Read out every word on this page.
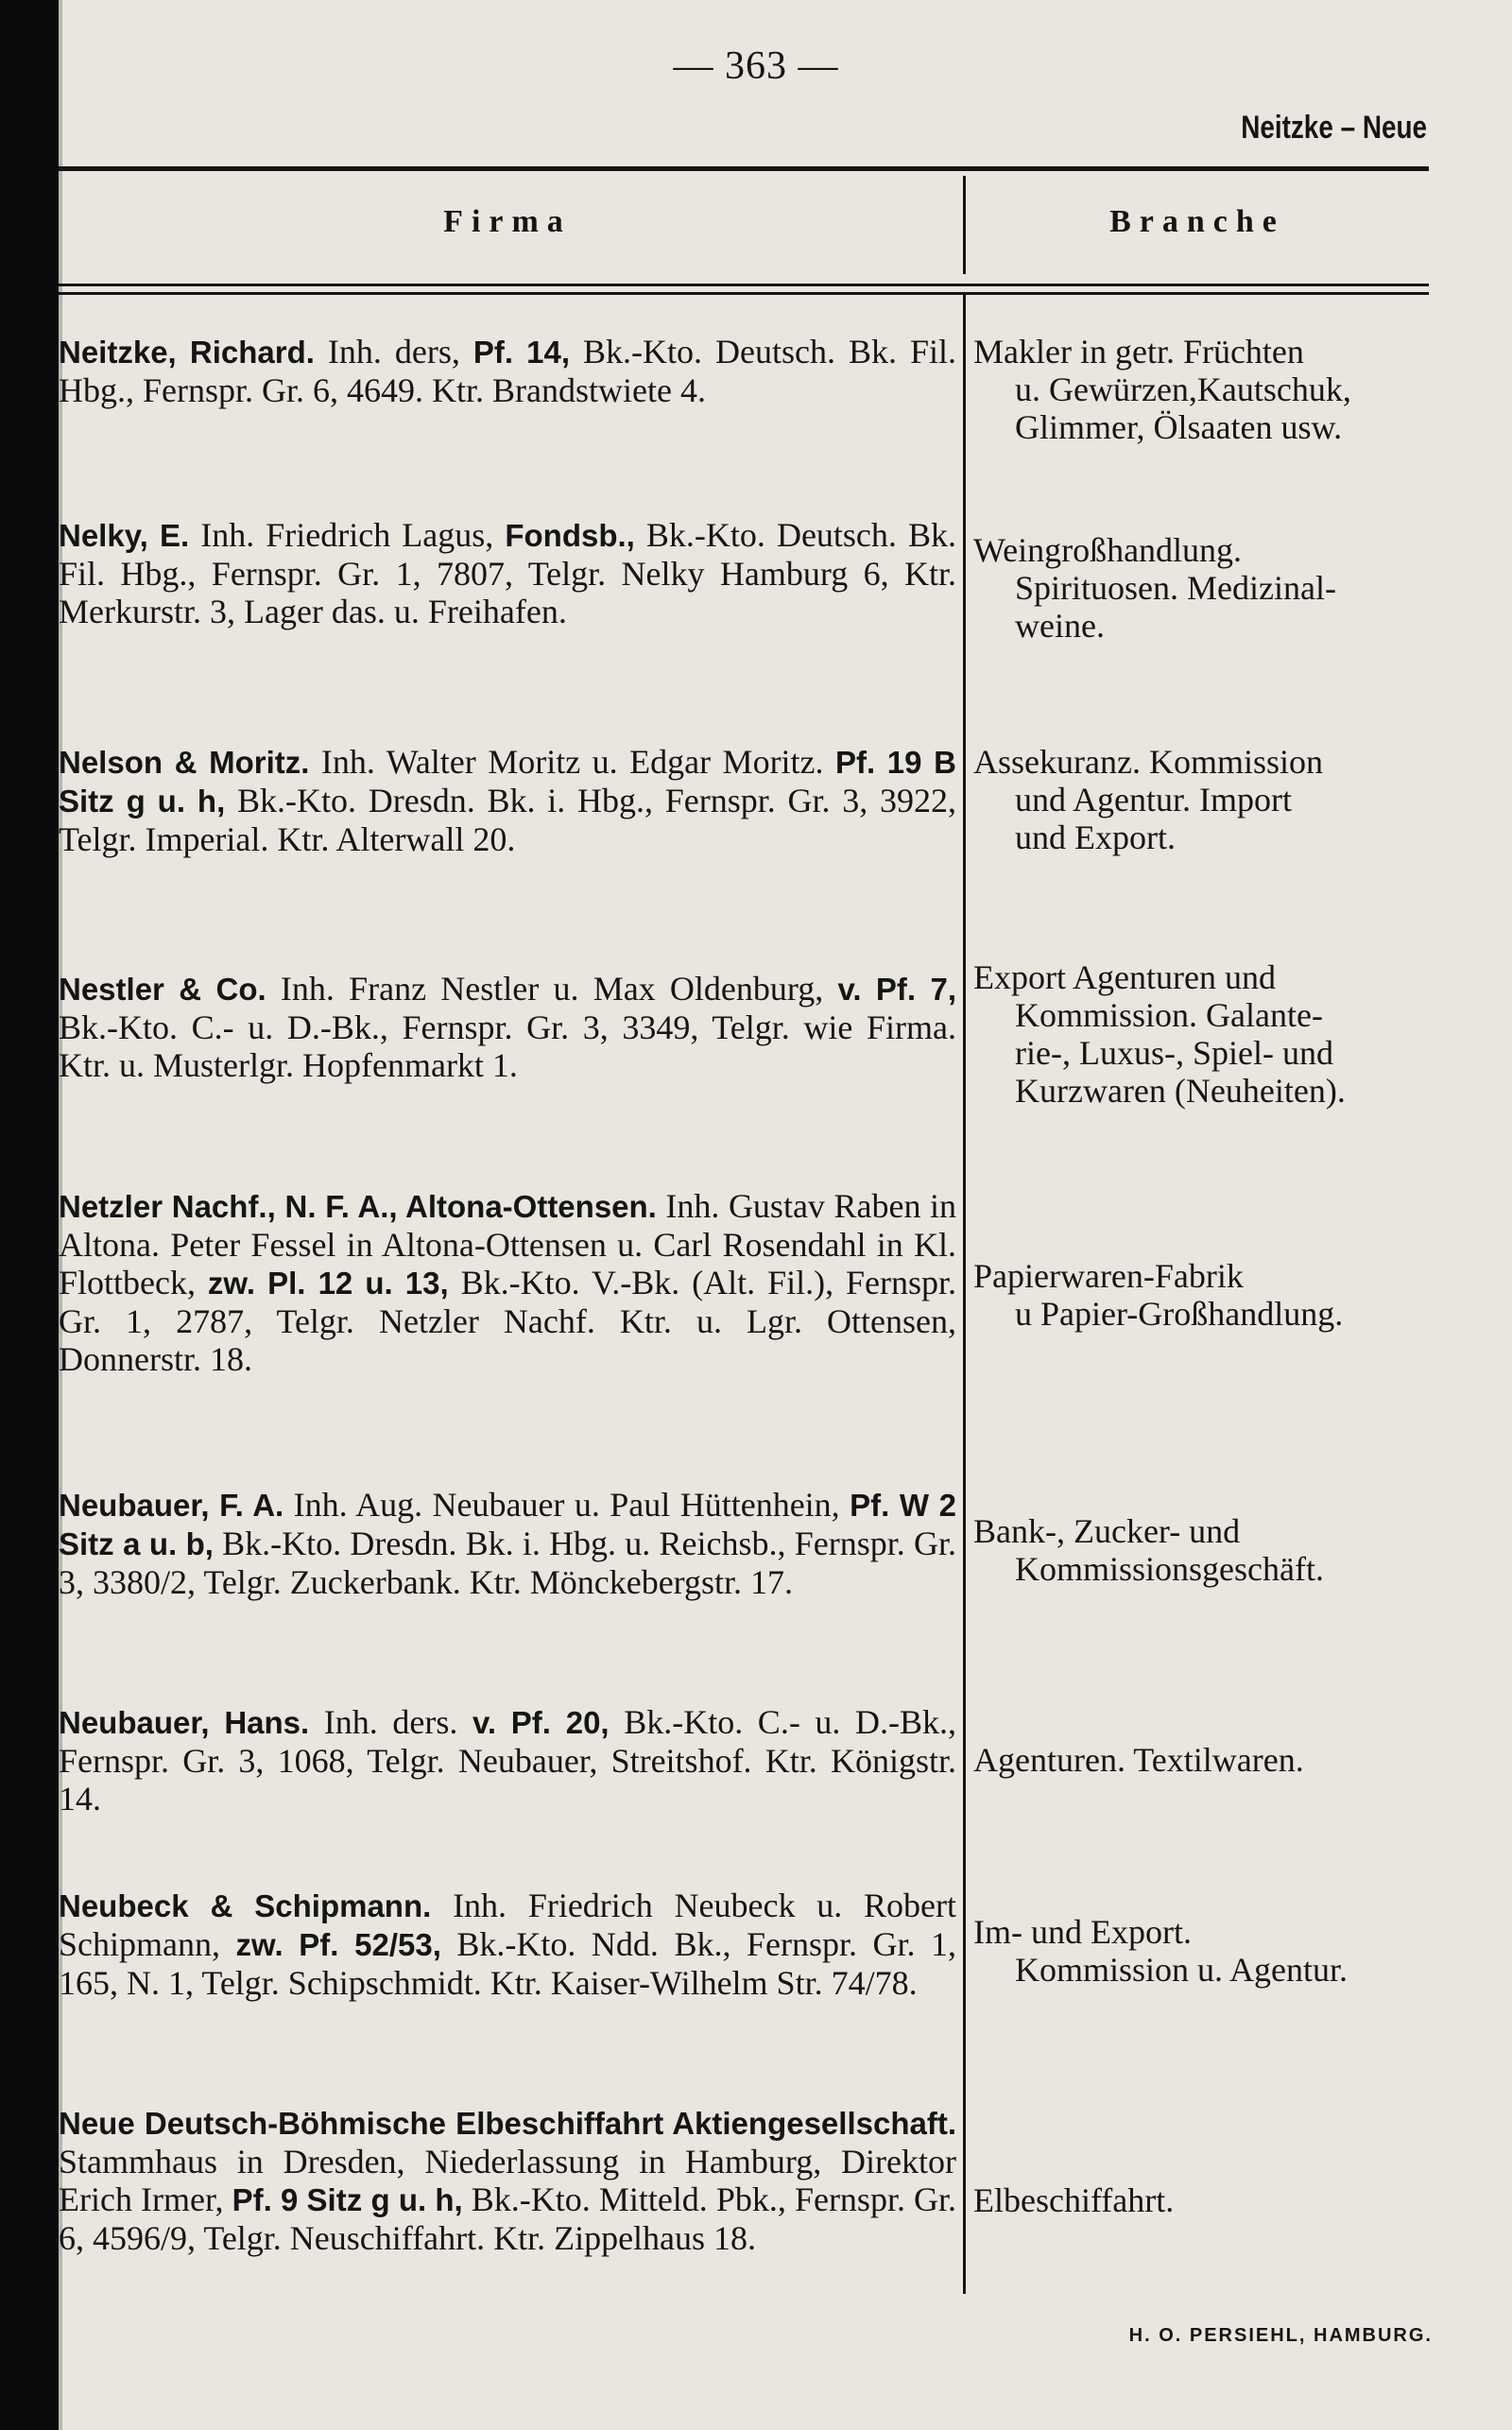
— 363 —
Neitzke – Neue
Firma	Branche

Neitzke, Richard. Inh. ders, Pf. 14, Bk.-Kto. Deutsch. Bk. Fil. Hbg., Fernspr. Gr. 6, 4649. Ktr. Brandstwiete 4.

Makler in getr. Früchten
u. Gewürzen,Kautschuk,
Glimmer, Ölsaaten usw.

Nelky, E. Inh. Friedrich Lagus, Fondsb., Bk.-Kto. Deutsch. Bk. Fil. Hbg., Fernspr. Gr. 1, 7807, Telgr. Nelky Hamburg 6, Ktr. Merkurstr. 3, Lager das. u. Freihafen.

Weingroßhandlung.
Spirituosen. Medizinal-
weine.

Nelson & Moritz. Inh. Walter Moritz u. Edgar Moritz. Pf. 19 B Sitz g u. h, Bk.-Kto. Dresdn. Bk. i. Hbg., Fernspr. Gr. 3, 3922, Telgr. Imperial. Ktr. Alterwall 20.

Assekuranz. Kommission
und Agentur. Import
und Export.

Nestler & Co. Inh. Franz Nestler u. Max Oldenburg, v. Pf. 7, Bk.-Kto. C.- u. D.-Bk., Fernspr. Gr. 3, 3349, Telgr. wie Firma. Ktr. u. Musterlgr. Hopfenmarkt 1.

Export Agenturen und
Kommission. Galante-
rie-, Luxus-, Spiel- und
Kurzwaren (Neuheiten).

Netzler Nachf., N. F. A., Altona-Ottensen. Inh. Gustav Raben in Altona. Peter Fessel in Altona-Ottensen u. Carl Rosendahl in Kl. Flottbeck, zw. Pl. 12 u. 13, Bk.-Kto. V.-Bk. (Alt. Fil.), Fernspr. Gr. 1, 2787, Telgr. Netzler Nachf. Ktr. u. Lgr. Ottensen, Donnerstr. 18.

Papierwaren-Fabrik
u Papier-Großhandlung.

Neubauer, F. A. Inh. Aug. Neubauer u. Paul Hüttenhein, Pf. W 2 Sitz a u. b, Bk.-Kto. Dresdn. Bk. i. Hbg. u. Reichsb., Fernspr. Gr. 3, 3380/2, Telgr. Zuckerbank. Ktr. Mönckebergstr. 17.

Bank-, Zucker- und
Kommissionsgeschäft.

Neubauer, Hans. Inh. ders. v. Pf. 20, Bk.-Kto. C.- u. D.-Bk., Fernspr. Gr. 3, 1068, Telgr. Neubauer, Streitshof. Ktr. Königstr. 14.

Agenturen. Textilwaren.

Neubeck & Schipmann. Inh. Friedrich Neubeck u. Robert Schipmann, zw. Pf. 52/53, Bk.-Kto. Ndd. Bk., Fernspr. Gr. 1, 165, N. 1, Telgr. Schipschmidt. Ktr. Kaiser-Wilhelm Str. 74/78.

Im- und Export.
Kommission u. Agentur.

Neue Deutsch-Böhmische Elbeschiffahrt Aktiengesellschaft. Stammhaus in Dresden, Niederlassung in Hamburg, Direktor Erich Irmer, Pf. 9 Sitz g u. h, Bk.-Kto. Mitteld. Pbk., Fernspr. Gr. 6, 4596/9, Telgr. Neuschiffahrt. Ktr. Zippelhaus 18.

Elbeschiffahrt.
H. O. PERSIEHL, HAMBURG.
